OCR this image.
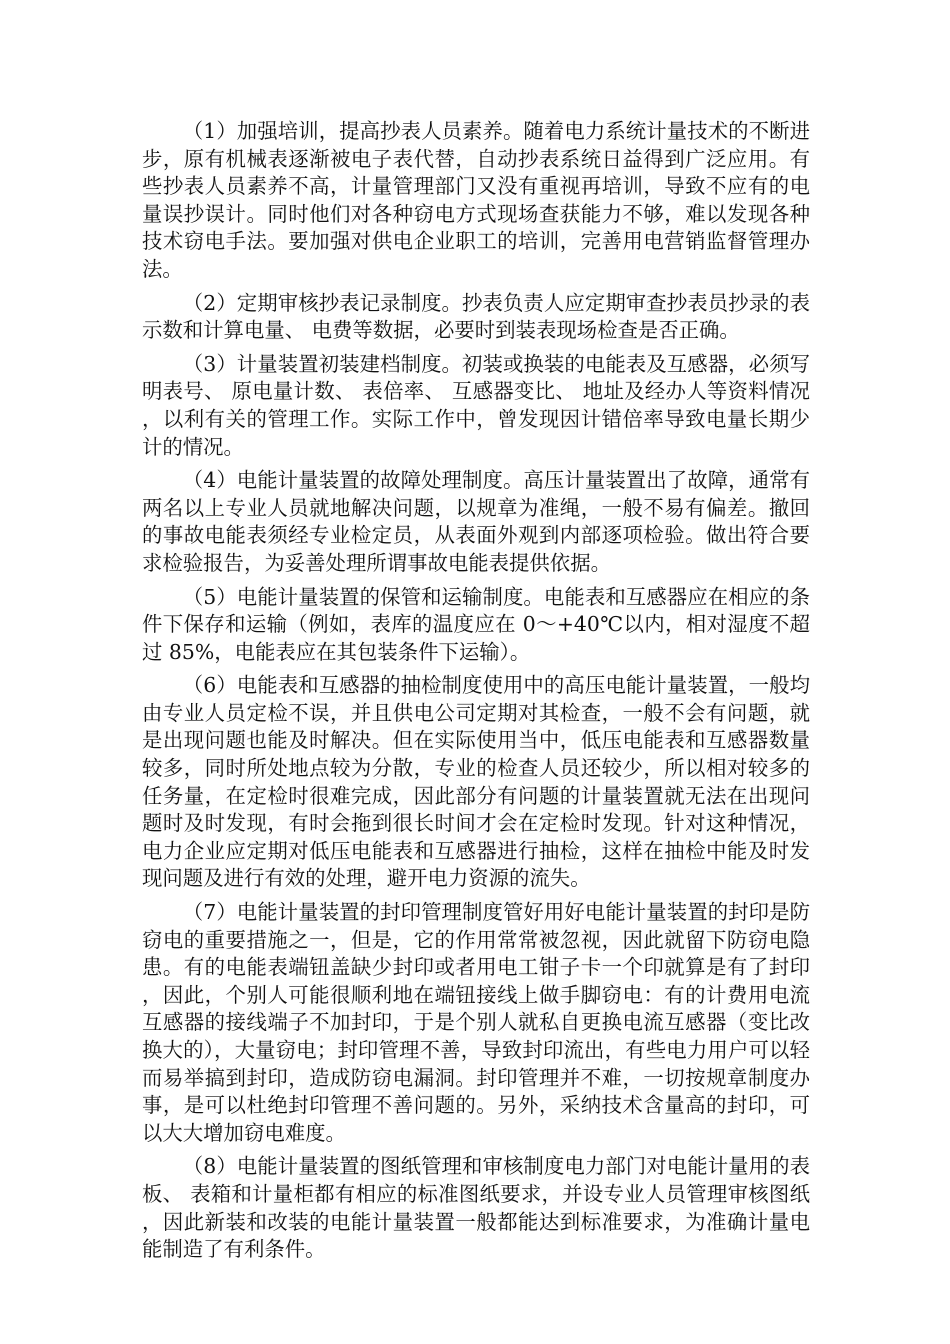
（1）加强培训，提高抄表人员素养。随着电力系统计量技术的不断进步，原有机械表逐渐被电子表代替，自动抄表系统日益得到广泛应用。有些抄表人员素养不高，计量管理部门又没有重视再培训，导致不应有的电量误抄误计。同时他们对各种窃电方式现场查获能力不够，难以发现各种技术窃电手法。要加强对供电企业职工的培训，完善用电营销监督管理办法。

（2）定期审核抄表记录制度。抄表负责人应定期审查抄表员抄录的表示数和计算电量、 电费等数据，必要时到装表现场检查是否正确。

（3）计量装置初装建档制度。初装或换装的电能表及互感器，必须写明表号、 原电量计数、 表倍率、 互感器变比、 地址及经办人等资料情况，以利有关的管理工作。实际工作中，曾发现因计错倍率导致电量长期少计的情况。

（4）电能计量装置的故障处理制度。高压计量装置出了故障，通常有两名以上专业人员就地解决问题，以规章为准绳，一般不易有偏差。撤回的事故电能表须经专业检定员，从表面外观到内部逐项检验。做出符合要求检验报告，为妥善处理所谓事故电能表提供依据。

（5）电能计量装置的保管和运输制度。电能表和互感器应在相应的条件下保存和运输（例如，表库的温度应在 0～+40℃以内，相对湿度不超过 85%，电能表应在其包装条件下运输）。

（6）电能表和互感器的抽检制度使用中的高压电能计量装置，一般均由专业人员定检不误，并且供电公司定期对其检查，一般不会有问题，就是出现问题也能及时解决。但在实际使用当中，低压电能表和互感器数量较多，同时所处地点较为分散，专业的检查人员还较少，所以相对较多的任务量，在定检时很难完成，因此部分有问题的计量装置就无法在出现问题时及时发现，有时会拖到很长时间才会在定检时发现。针对这种情况，电力企业应定期对低压电能表和互感器进行抽检，这样在抽检中能及时发现问题及进行有效的处理，避开电力资源的流失。

（7）电能计量装置的封印管理制度管好用好电能计量装置的封印是防窃电的重要措施之一，但是，它的作用常常被忽视，因此就留下防窃电隐患。有的电能表端钮盖缺少封印或者用电工钳子卡一个印就算是有了封印，因此，个别人可能很顺利地在端钮接线上做手脚窃电：有的计费用电流互感器的接线端子不加封印，于是个别人就私自更换电流互感器（变比改换大的），大量窃电；封印管理不善，导致封印流出，有些电力用户可以轻而易举搞到封印，造成防窃电漏洞。封印管理并不难，一切按规章制度办事，是可以杜绝封印管理不善问题的。另外，采纳技术含量高的封印，可以大大增加窃电难度。

（8）电能计量装置的图纸管理和审核制度电力部门对电能计量用的表板、 表箱和计量柜都有相应的标准图纸要求，并设专业人员管理审核图纸，因此新装和改装的电能计量装置一般都能达到标准要求，为准确计量电能制造了有利条件。
